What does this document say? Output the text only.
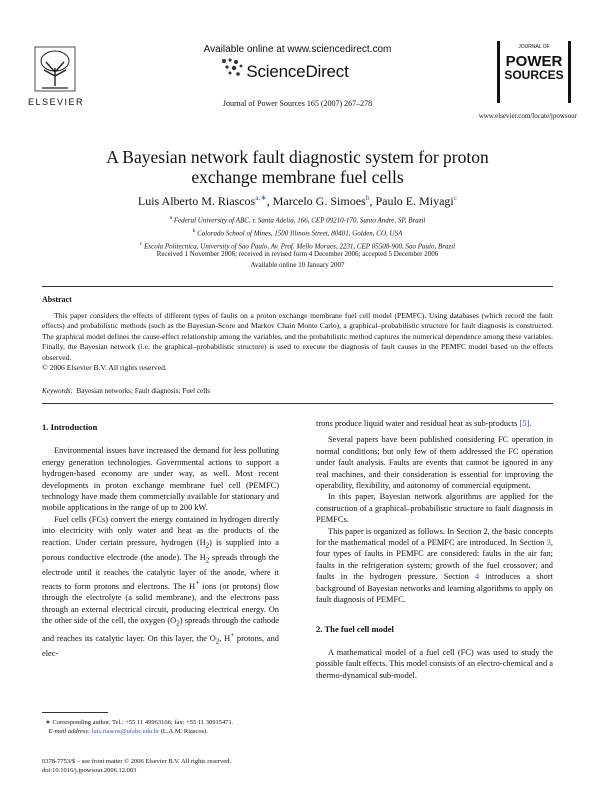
Available online at www.sciencedirect.com
ScienceDirect
ELSEVIER	Journal of Power Sources 165 (2007) 267–278
JOURNAL OF
POWER
SOURCES
www.elsevier.com/locate/jpowsour
A Bayesian network fault diagnostic system for proton
exchange membrane fuel cells
Luis Alberto M. Riascos$^{a,∗}$, Marcelo G. Simoes$^b$, Paulo E. Miyagi$^c$
$^a$ Federal University of ABC, r. Santa Adelia, 166, CEP 09210-170, Santo Andre, SP, Brazil
$^b$ Colorado School of Mines, 1500 Illinois Street, 80401, Golden, CO, USA
$^c$ Escola Politecnica, University of Sao Paulo, Av. Prof. Mello Moraes, 2231, CEP 05508-900, Sao Paulo, Brazil
Received 1 November 2006; received in revised form 4 December 2006; accepted 5 December 2006
Available online 10 January 2007
Abstract
This paper considers the effects of different types of faults on a proton exchange membrane fuel cell model (PEMFC). Using databases (which record the fault effects) and probabilistic methods (such as the Bayesian-Score and Markov Chain Monte Carlo), a graphical–probabilistic structure for fault diagnosis is constructed. The graphical model defines the cause-effect relationship among the variables, and the probabilistic method captures the numerical dependence among these variables. Finally, the Bayesian network (i.e. the graphical–probabilistic structure) is used to execute the diagnosis of fault causes in the PEMFC model based on the effects observed.
© 2006 Elsevier B.V. All rights reserved.
Keywords: Bayesian networks; Fault diagnosis; Fuel cells

1. Introduction

Environmental issues have increased the demand for less polluting energy generation technologies. Governmental actions to support a hydrogen-based economy are under way, as well. Most recent developments in proton exchange membrane fuel cell (PEMFC) technology have made them commercially available for stationary and mobile applications in the range of up to 200 kW.

Fuel cells (FCs) convert the energy contained in hydrogen directly into electricity with only water and heat as the products of the reaction. Under certain pressure, hydrogen $(H_2)$ is supplied into a porous conductive electrode (the anode). The $H_2$ spreads through the electrode until it reaches the catalytic layer of the anode, where it reacts to form protons and electrons. The H+ ions (or protons) flow through the electrolyte (a solid membrane), and the electrons pass through an external electrical circuit, producing electrical energy. On the other side of the cell, the oxygen $(O_2)$ spreads through the cathode and reaches its catalytic layer. On this layer, the $O_2$, H+ protons, and elec-

trons produce liquid water and residual heat as sub-products [5].

Several papers have been published considering FC operation in normal conditions; but only few of them addressed the FC operation under fault analysis. Faults are events that cannot be ignored in any real machines, and their consideration is essential for improving the operability, flexibility, and autonomy of commercial equipment.

In this paper, Bayesian network algorithms are applied for the construction of a graphical–probabilistic structure to fault diagnosis in PEMFCs.

This paper is organized as follows. In Section 2, the basic concepts for the mathematical model of a PEMFC are introduced. In Section 3, four types of faults in PEMFC are considered: faults in the air fan; faults in the refrigeration system; growth of the fuel crossover; and faults in the hydrogen pressure. Section 4 introduces a short background of Bayesian networks and learning algorithms to apply on fault diagnosis of PEMFC.

2. The fuel cell model

A mathematical model of a fuel cell (FC) was used to study the possible fault effects. This model consists of an electro-chemical and a thermo-dynamical sub-model.

∗ Corresponding author. Tel.: +55 11 49963166; fax: +55 11 30915471.
E-mail address: luis.riascos@ufabc.edu.br (L.A.M. Riascos).
0378-7753/$ – see front matter © 2006 Elsevier B.V. All rights reserved.
doi:10.1016/j.jpowsour.2006.12.003
